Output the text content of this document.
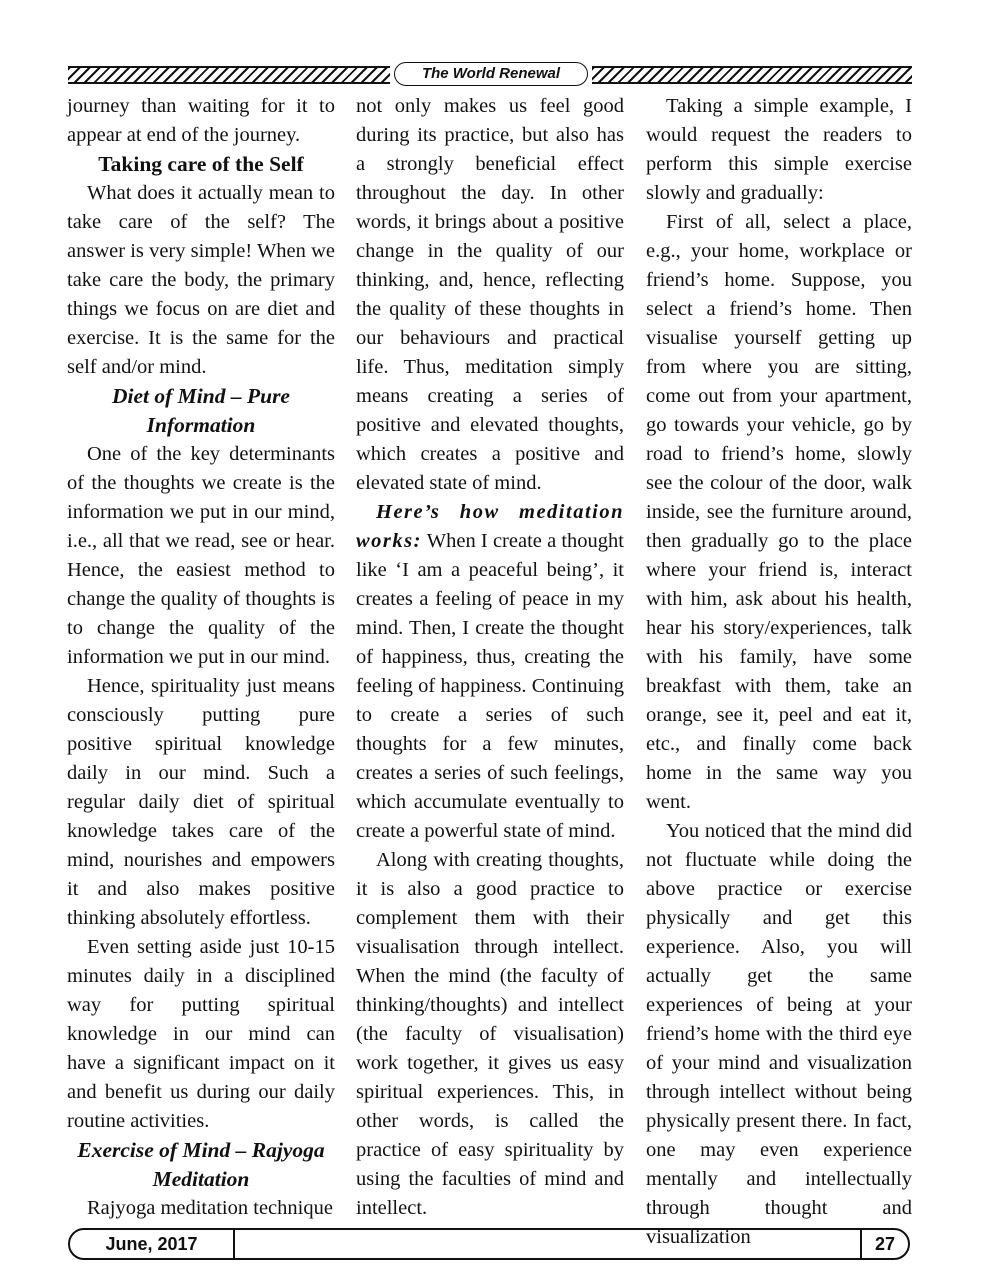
The World Renewal

journey than waiting for it to appear at end of the journey.

Taking care of the Self

What does it actually mean to take care of the self? The answer is very simple! When we take care the body, the primary things we focus on are diet and exercise. It is the same for the self and/or mind.

Diet of Mind – Pure Information

One of the key determinants of the thoughts we create is the information we put in our mind, i.e., all that we read, see or hear. Hence, the easiest method to change the quality of thoughts is to change the quality of the information we put in our mind.

Hence, spirituality just means consciously putting pure positive spiritual knowledge daily in our mind. Such a regular daily diet of spiritual knowledge takes care of the mind, nourishes and empowers it and also makes positive thinking absolutely effortless.

Even setting aside just 10-15 minutes daily in a disciplined way for putting spiritual knowledge in our mind can have a significant impact on it and benefit us during our daily routine activities.

Exercise of Mind – Rajyoga Meditation

Rajyoga meditation technique

not only makes us feel good during its practice, but also has a strongly beneficial effect throughout the day. In other words, it brings about a positive change in the quality of our thinking, and, hence, reflecting the quality of these thoughts in our behaviours and practical life. Thus, meditation simply means creating a series of positive and elevated thoughts, which creates a positive and elevated state of mind.

Here’s how meditation works: When I create a thought like ‘I am a peaceful being’, it creates a feeling of peace in my mind. Then, I create the thought of happiness, thus, creating the feeling of happiness. Continuing to create a series of such thoughts for a few minutes, creates a series of such feelings, which accumulate eventually to create a powerful state of mind.

Along with creating thoughts, it is also a good practice to complement them with their visualisation through intellect. When the mind (the faculty of thinking/thoughts) and intellect (the faculty of visualisation) work together, it gives us easy spiritual experiences. This, in other words, is called the practice of easy spirituality by using the faculties of mind and intellect.

Taking a simple example, I would request the readers to perform this simple exercise slowly and gradually:

First of all, select a place, e.g., your home, workplace or friend’s home. Suppose, you select a friend’s home. Then visualise yourself getting up from where you are sitting, come out from your apartment, go towards your vehicle, go by road to friend’s home, slowly see the colour of the door, walk inside, see the furniture around, then gradually go to the place where your friend is, interact with him, ask about his health, hear his story/experiences, talk with his family, have some breakfast with them, take an orange, see it, peel and eat it, etc., and finally come back home in the same way you went.

You noticed that the mind did not fluctuate while doing the above practice or exercise physically and get this experience. Also, you will actually get the same experiences of being at your friend’s home with the third eye of your mind and visualization through intellect without being physically present there. In fact, one may even experience mentally and intellectually through thought and visualization

June, 2017	27
